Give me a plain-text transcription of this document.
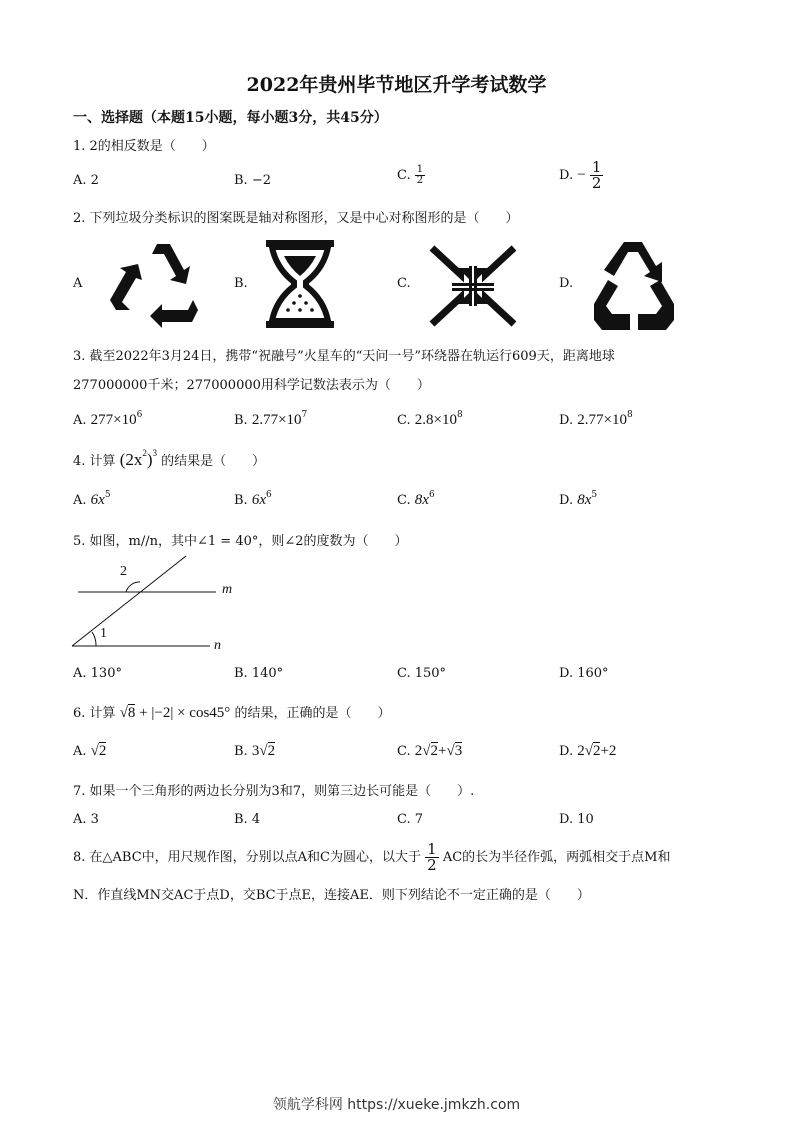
2022年贵州毕节地区升学考试数学
一、选择题（本题15小题，每小题3分，共45分）
1. 2的相反数是（　　）
A. 2	B. −2	C. $\frac{1}{2}$	D. − $\frac{1}{2}$
2. 下列垃圾分类标识的图案既是轴对称图形，又是中心对称图形的是（　　）
A	B.	C.	D.
3. 截至2022年3月24日，携带“祝融号”火星车的“天问一号”环绕器在轨运行609天，距离地球
277000000千米；277000000用科学记数法表示为（　　）
A. $277\times 10^6$	B. $2.77\times 10^7$	C. $2.8\times 10^8$	D. $2.77\times 10^8$
4. 计算 $(2x^2)^3$ 的结果是（　　）
A. $6x^5$	B. $6x^6$	C. $8x^6$	D. $8x^5$
5. 如图，m//n，其中∠1 = 40°，则∠2的度数为（　　）
m
n
1
2
A. 130°	B. 140°	C. 150°	D. 160°
6. 计算 √8 + |−2| × cos45° 的结果，正确的是（　　）
A. √2	B. 3√2	C. 2√2+√3	D. 2√2+2
7. 如果一个三角形的两边长分别为3和7，则第三边长可能是（　　）.
A. 3	B. 4	C. 7	D. 10
8. 在△ABC中，用尺规作图，分别以点A和C为圆心，以大于 $\frac{1}{2}$ AC的长为半径作弧，两弧相交于点M和
N．作直线MN交AC于点D，交BC于点E，连接AE．则下列结论不一定正确的是（　　）
领航学科网 https://xueke.jmkzh.com
